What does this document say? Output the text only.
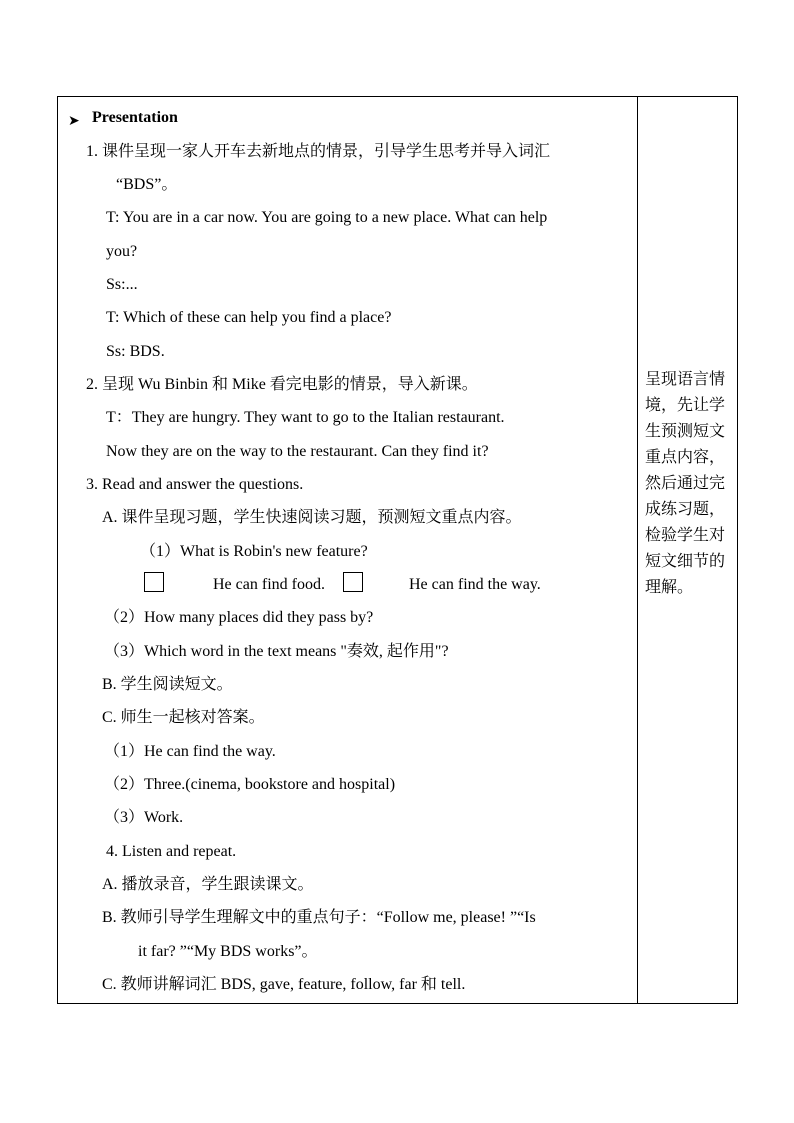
➤ Presentation
1. 课件呈现一家人开车去新地点的情景，引导学生思考并导入词汇
“BDS”。
T: You are in a car now. You are going to a new place. What can help
you?
Ss:...
T: Which of these can help you find a place?
Ss: BDS.
2. 呈现 Wu Binbin 和 Mike 看完电影的情景，导入新课。
T：They are hungry. They want to go to the Italian restaurant.
Now they are on the way to the restaurant. Can they find it?
3. Read and answer the questions.
A. 课件呈现习题，学生快速阅读习题，预测短文重点内容。
（1）What is Robin's new feature?
He can find food.	He can find the way.
（2）How many places did they pass by?
（3）Which word in the text means "奏效, 起作用"?
B. 学生阅读短文。
C. 师生一起核对答案。
（1）He can find the way.
（2）Three.(cinema, bookstore and hospital)
（3）Work.
4. Listen and repeat.
A. 播放录音，学生跟读课文。
B. 教师引导学生理解文中的重点句子：“Follow me, please! ”“Is
it far? ”“My BDS works”。
C. 教师讲解词汇 BDS, gave, feature, follow, far 和 tell.
呈现语言情
境，先让学
生预测短文
重点内容，
然后通过完
成练习题，
检验学生对
短文细节的
理解。
